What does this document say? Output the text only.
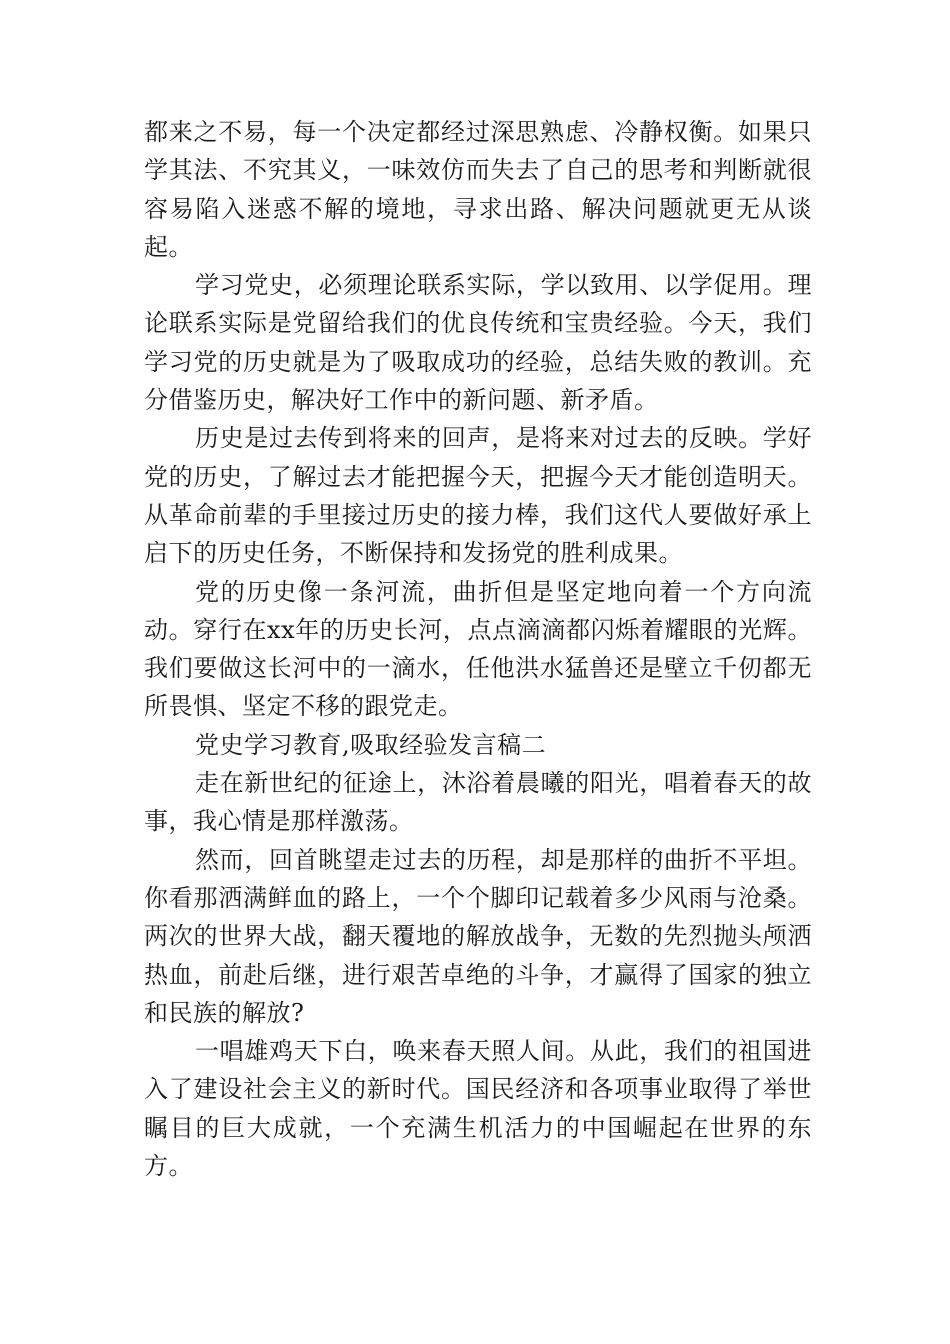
都来之不易，每一个决定都经过深思熟虑、冷静权衡。如果只学其法、不究其义，一味效仿而失去了自己的思考和判断就很容易陷入迷惑不解的境地，寻求出路、解决问题就更无从谈起。

学习党史，必须理论联系实际，学以致用、以学促用。理论联系实际是党留给我们的优良传统和宝贵经验。今天，我们学习党的历史就是为了吸取成功的经验，总结失败的教训。充分借鉴历史，解决好工作中的新问题、新矛盾。

历史是过去传到将来的回声，是将来对过去的反映。学好党的历史，了解过去才能把握今天，把握今天才能创造明天。从革命前辈的手里接过历史的接力棒，我们这代人要做好承上启下的历史任务，不断保持和发扬党的胜利成果。

党的历史像一条河流，曲折但是坚定地向着一个方向流动。穿行在xx年的历史长河，点点滴滴都闪烁着耀眼的光辉。我们要做这长河中的一滴水，任他洪水猛兽还是壁立千仞都无所畏惧、坚定不移的跟党走。

党史学习教育,吸取经验发言稿二

走在新世纪的征途上，沐浴着晨曦的阳光，唱着春天的故事，我心情是那样激荡。

然而，回首眺望走过去的历程，却是那样的曲折不平坦。你看那洒满鲜血的路上，一个个脚印记载着多少风雨与沧桑。两次的世界大战，翻天覆地的解放战争，无数的先烈抛头颅洒热血，前赴后继，进行艰苦卓绝的斗争，才赢得了国家的独立和民族的解放?

一唱雄鸡天下白，唤来春天照人间。从此，我们的祖国进入了建设社会主义的新时代。国民经济和各项事业取得了举世瞩目的巨大成就，一个充满生机活力的中国崛起在世界的东方。
